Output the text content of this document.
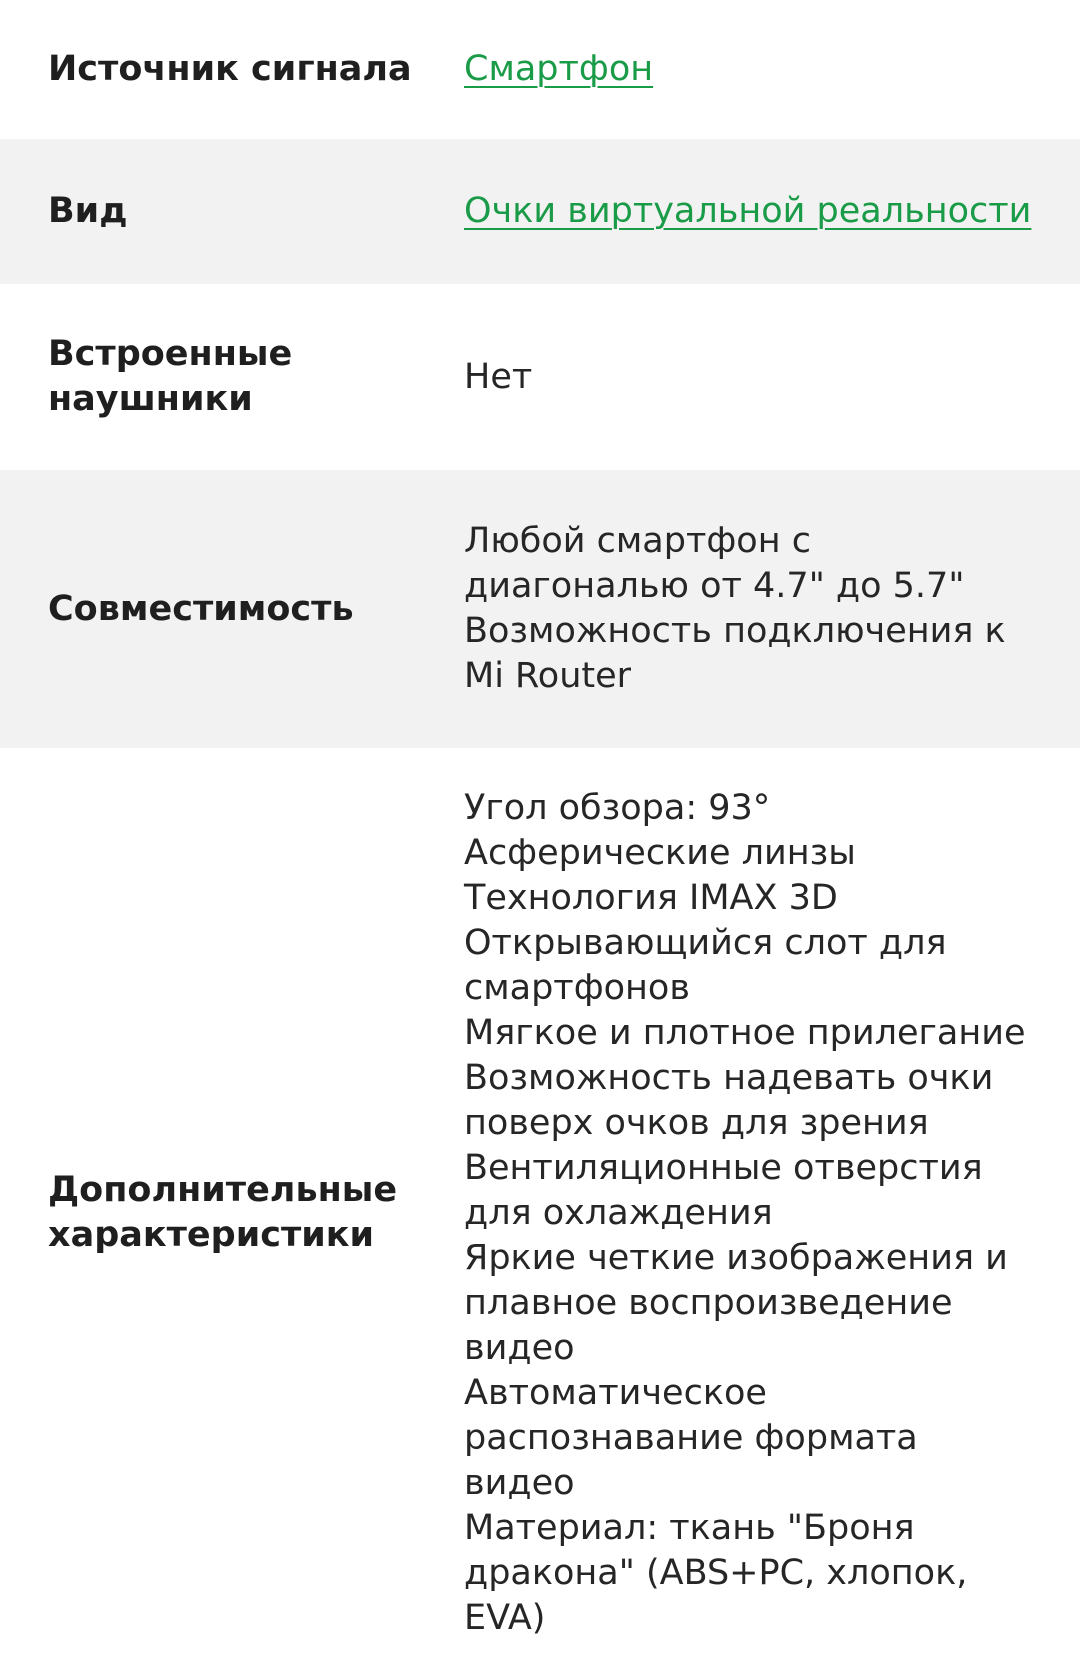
Источник сигнала	Смартфон
Вид	Очки виртуальной реальности
Встроенные наушники
Нет
Совместимость
Любой смартфон с диагональю от 4.7" до 5.7"
Возможность подключения к Mi Router
Дополнительные характеристики
Угол обзора: 93°
Асферические линзы
Технология IMAX 3D
Открывающийся слот для смартфонов
Мягкое и плотное прилегание
Возможность надевать очки поверх очков для зрения
Вентиляционные отверстия для охлаждения
Яркие четкие изображения и плавное воспроизведение видео
Автоматическое распознавание формата видео
Материал: ткань "Броня дракона" (ABS+PC, хлопок, EVA)
